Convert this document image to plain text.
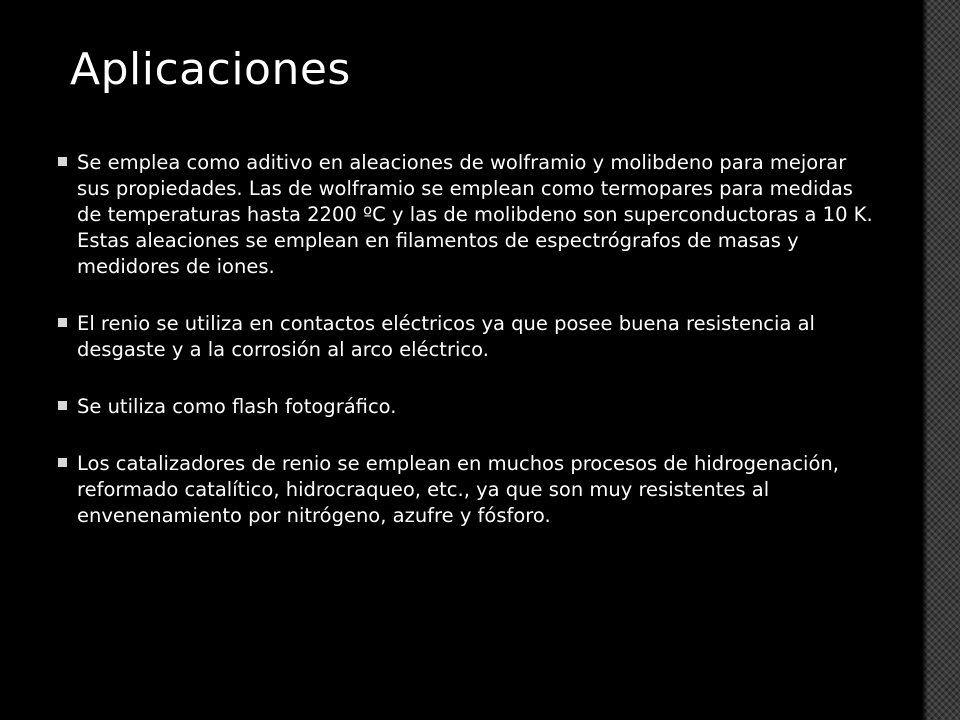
Aplicaciones
Se emplea como aditivo en aleaciones de wolframio y molibdeno para mejorar sus propiedades. Las de wolframio se emplean como termopares para medidas de temperaturas hasta 2200 ºC y las de molibdeno son superconductoras a 10 K. Estas aleaciones se emplean en filamentos de espectrógrafos de masas y medidores de iones.
El renio se utiliza en contactos eléctricos ya que posee buena resistencia al desgaste y a la corrosión al arco eléctrico.
Se utiliza como flash fotográfico.
Los catalizadores de renio se emplean en muchos procesos de hidrogenación, reformado catalítico, hidrocraqueo, etc., ya que son muy resistentes al envenenamiento por nitrógeno, azufre y fósforo.
